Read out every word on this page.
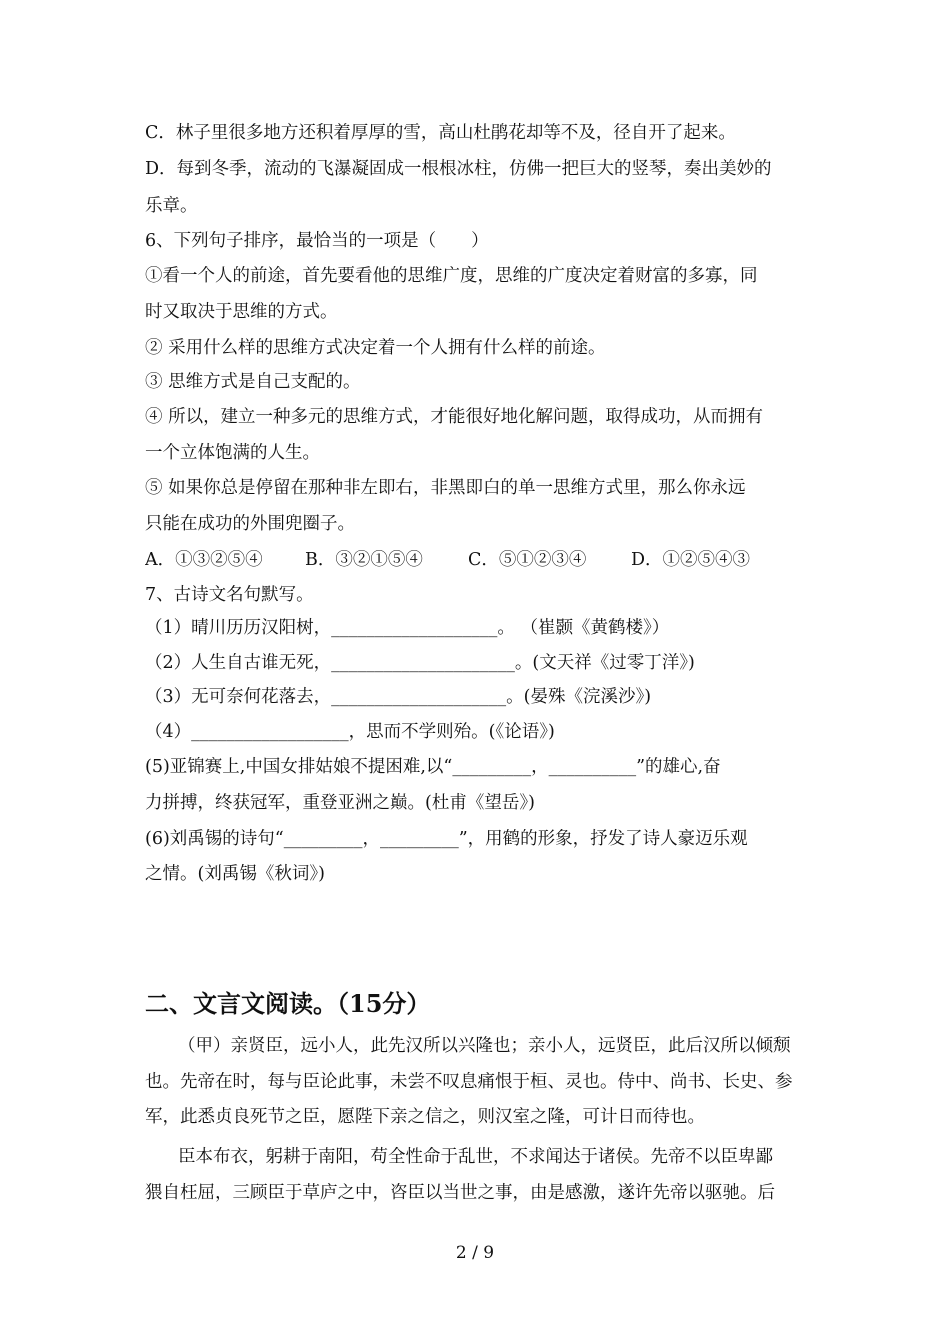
C．林子里很多地方还积着厚厚的雪，高山杜鹃花却等不及，径自开了起来。
D．每到冬季，流动的飞瀑凝固成一根根冰柱，仿佛一把巨大的竖琴，奏出美妙的
乐章。
6、下列句子排序，最恰当的一项是（　　）
①看一个人的前途，首先要看他的思维广度，思维的广度决定着财富的多寡，同
时又取决于思维的方式。
② 采用什么样的思维方式决定着一个人拥有什么样的前途。
③ 思维方式是自己支配的。
④ 所以，建立一种多元的思维方式，才能很好地化解问题，取得成功，从而拥有
一个立体饱满的人生。
⑤ 如果你总是停留在那种非左即右，非黑即白的单一思维方式里，那么你永远
只能在成功的外围兜圈子。
A．①③②⑤④ B．③②①⑤④	C．⑤①②③④	D．①②⑤④③
7、古诗文名句默写。
（1）晴川历历汉阳树，___________________。 （崔颢《黄鹤楼》）
（2）人生自古谁无死，_____________________。(文天祥《过零丁洋》)
（3）无可奈何花落去，____________________。(晏殊《浣溪沙》)
（4）__________________，思而不学则殆。(《论语》)
(5)亚锦赛上,中国女排姑娘不提困难,以“_________，__________”的雄心,奋
力拼搏，终获冠军，重登亚洲之巅。(杜甫《望岳》)
(6)刘禹锡的诗句“_________，_________”，用鹤的形象，抒发了诗人豪迈乐观
之情。(刘禹锡《秋词》)
二、文言文阅读。（15分）
（甲）亲贤臣，远小人，此先汉所以兴隆也；亲小人，远贤臣，此后汉所以倾颓
也。先帝在时，每与臣论此事，未尝不叹息痛恨于桓、灵也。侍中、尚书、长史、参
军，此悉贞良死节之臣，愿陛下亲之信之，则汉室之隆，可计日而待也。
臣本布衣，躬耕于南阳，苟全性命于乱世，不求闻达于诸侯。先帝不以臣卑鄙
猥自枉屈，三顾臣于草庐之中，咨臣以当世之事，由是感激，遂许先帝以驱驰。后
2 / 9
